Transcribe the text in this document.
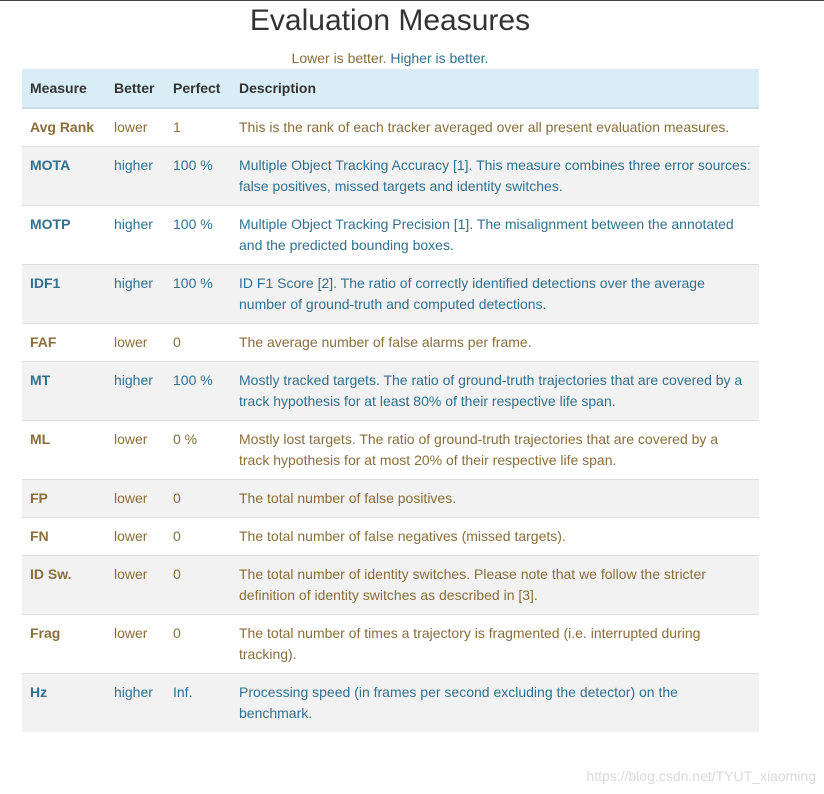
Evaluation Measures
Lower is better. Higher is better.
Measure	Better	Perfect	Description
Avg Rank	lower	1	This is the rank of each tracker averaged over all present evaluation measures.
MOTA	higher	100 %	Multiple Object Tracking Accuracy [1]. This measure combines three error sources: false positives, missed targets and identity switches.
MOTP	higher	100 %	Multiple Object Tracking Precision [1]. The misalignment between the annotated and the predicted bounding boxes.
IDF1	higher	100 %	ID F1 Score [2]. The ratio of correctly identified detections over the average number of ground-truth and computed detections.
FAF	lower	0	The average number of false alarms per frame.
MT	higher	100 %	Mostly tracked targets. The ratio of ground-truth trajectories that are covered by a track hypothesis for at least 80% of their respective life span.
ML	lower	0 %	Mostly lost targets. The ratio of ground-truth trajectories that are covered by a track hypothesis for at most 20% of their respective life span.
FP	lower	0	The total number of false positives.
FN	lower	0	The total number of false negatives (missed targets).
ID Sw.	lower	0	The total number of identity switches. Please note that we follow the stricter definition of identity switches as described in [3].
Frag	lower	0	The total number of times a trajectory is fragmented (i.e. interrupted during tracking).
Hz	higher	Inf.	Processing speed (in frames per second excluding the detector) on the benchmark.
https://blog.csdn.net/TYUT_xiaoming
